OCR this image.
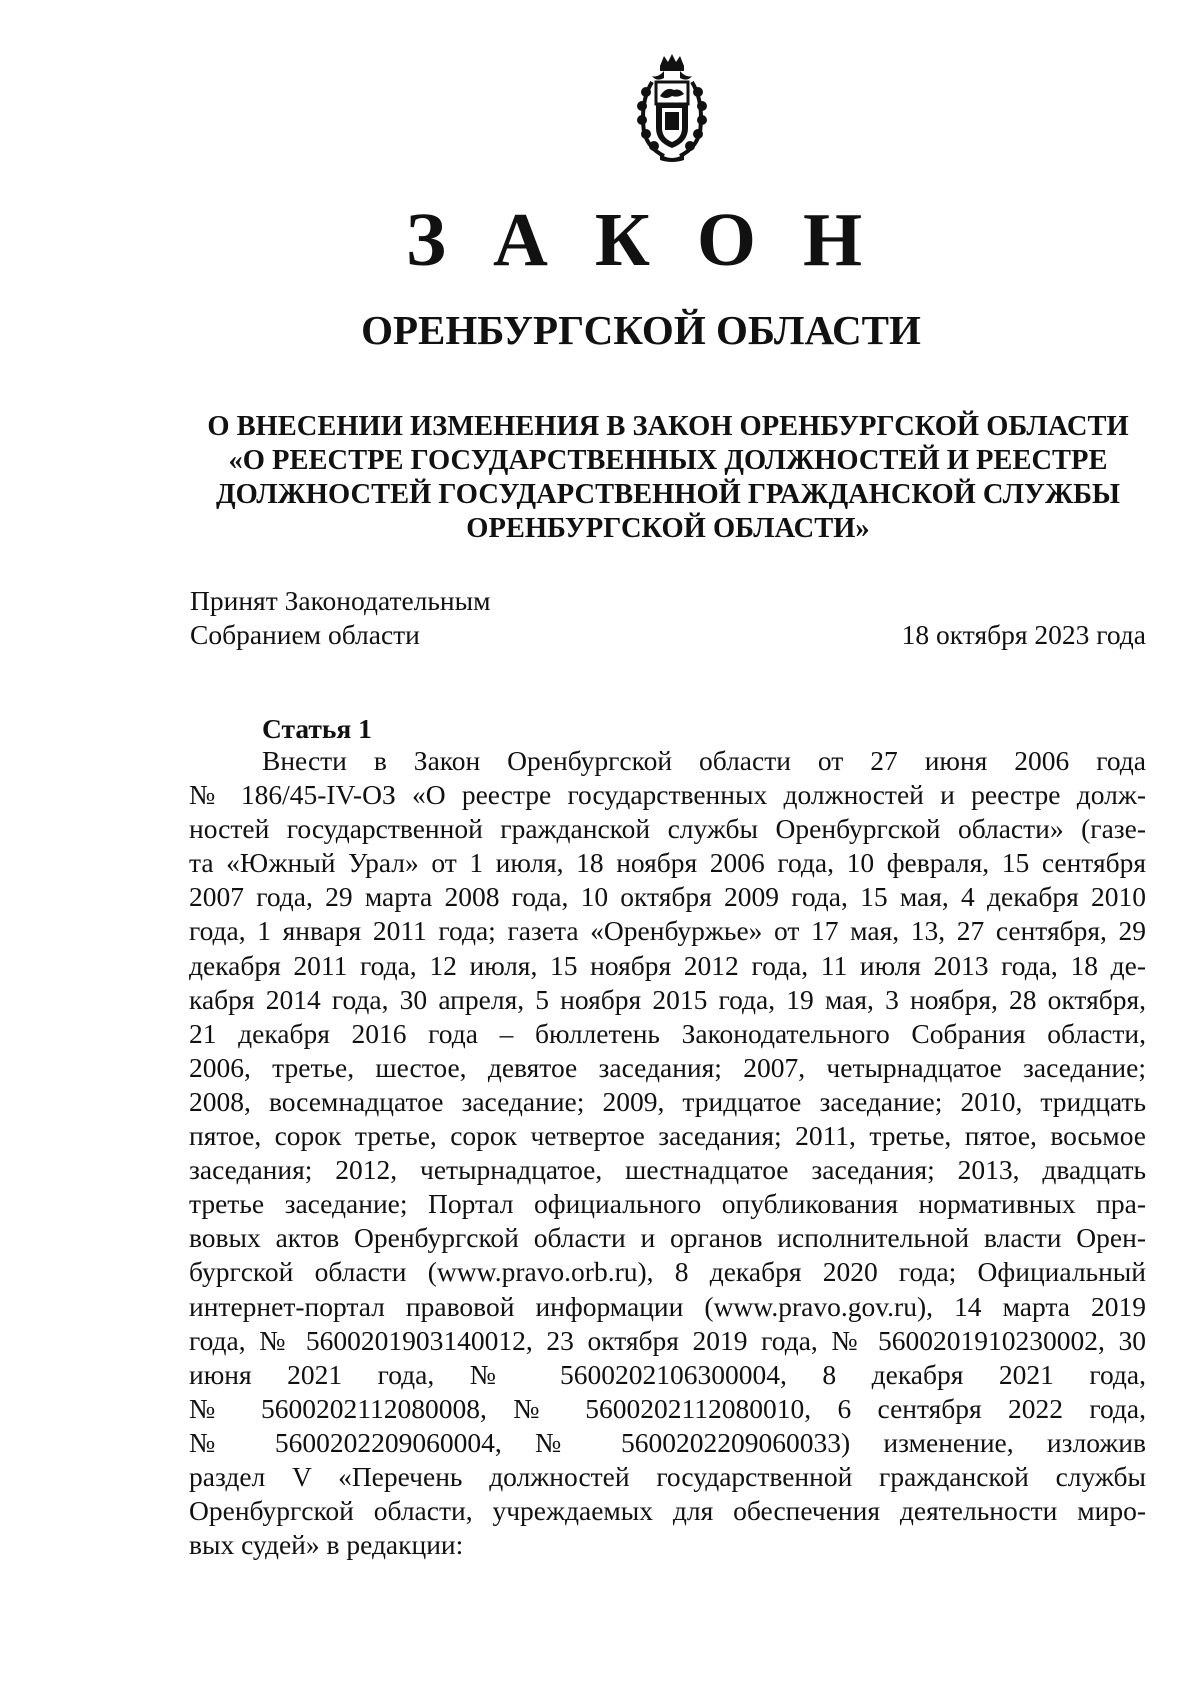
З А К О Н
ОРЕНБУРГСКОЙ ОБЛАСТИ
О ВНЕСЕНИИ ИЗМЕНЕНИЯ В ЗАКОН ОРЕНБУРГСКОЙ ОБЛАСТИ
«О РЕЕСТРЕ ГОСУДАРСТВЕННЫХ ДОЛЖНОСТЕЙ И РЕЕСТРЕ
ДОЛЖНОСТЕЙ ГОСУДАРСТВЕННОЙ ГРАЖДАНСКОЙ СЛУЖБЫ
ОРЕНБУРГСКОЙ ОБЛАСТИ»
Принят Законодательным
Собранием области	18 октября 2023 года
Статья 1
Внести в Закон Оренбургской области от 27 июня 2006 года
№ 186/45-IV-ОЗ «О реестре государственных должностей и реестре долж-
ностей государственной гражданской службы Оренбургской области» (газе-
та «Южный Урал» от 1 июля, 18 ноября 2006 года, 10 февраля, 15 сентября
2007 года, 29 марта 2008 года, 10 октября 2009 года, 15 мая, 4 декабря 2010
года, 1 января 2011 года; газета «Оренбуржье» от 17 мая, 13, 27 сентября, 29
декабря 2011 года, 12 июля, 15 ноября 2012 года, 11 июля 2013 года, 18 де-
кабря 2014 года, 30 апреля, 5 ноября 2015 года, 19 мая, 3 ноября, 28 октября,
21 декабря 2016 года – бюллетень Законодательного Собрания области,
2006, третье, шестое, девятое заседания; 2007, четырнадцатое заседание;
2008, восемнадцатое заседание; 2009, тридцатое заседание; 2010, тридцать
пятое, сорок третье, сорок четвертое заседания; 2011, третье, пятое, восьмое
заседания; 2012, четырнадцатое, шестнадцатое заседания; 2013, двадцать
третье заседание; Портал официального опубликования нормативных пра-
вовых актов Оренбургской области и органов исполнительной власти Орен-
бургской области (www.pravo.orb.ru), 8 декабря 2020 года; Официальный
интернет-портал правовой информации (www.pravo.gov.ru), 14 марта 2019
года, № 5600201903140012, 23 октября 2019 года, № 5600201910230002, 30
июня 2021 года, № 5600202106300004, 8 декабря 2021 года,
№ 5600202112080008, № 5600202112080010, 6 сентября 2022 года,
№ 5600202209060004, № 5600202209060033) изменение, изложив
раздел V «Перечень должностей государственной гражданской службы
Оренбургской области, учреждаемых для обеспечения деятельности миро-
вых судей» в редакции:
